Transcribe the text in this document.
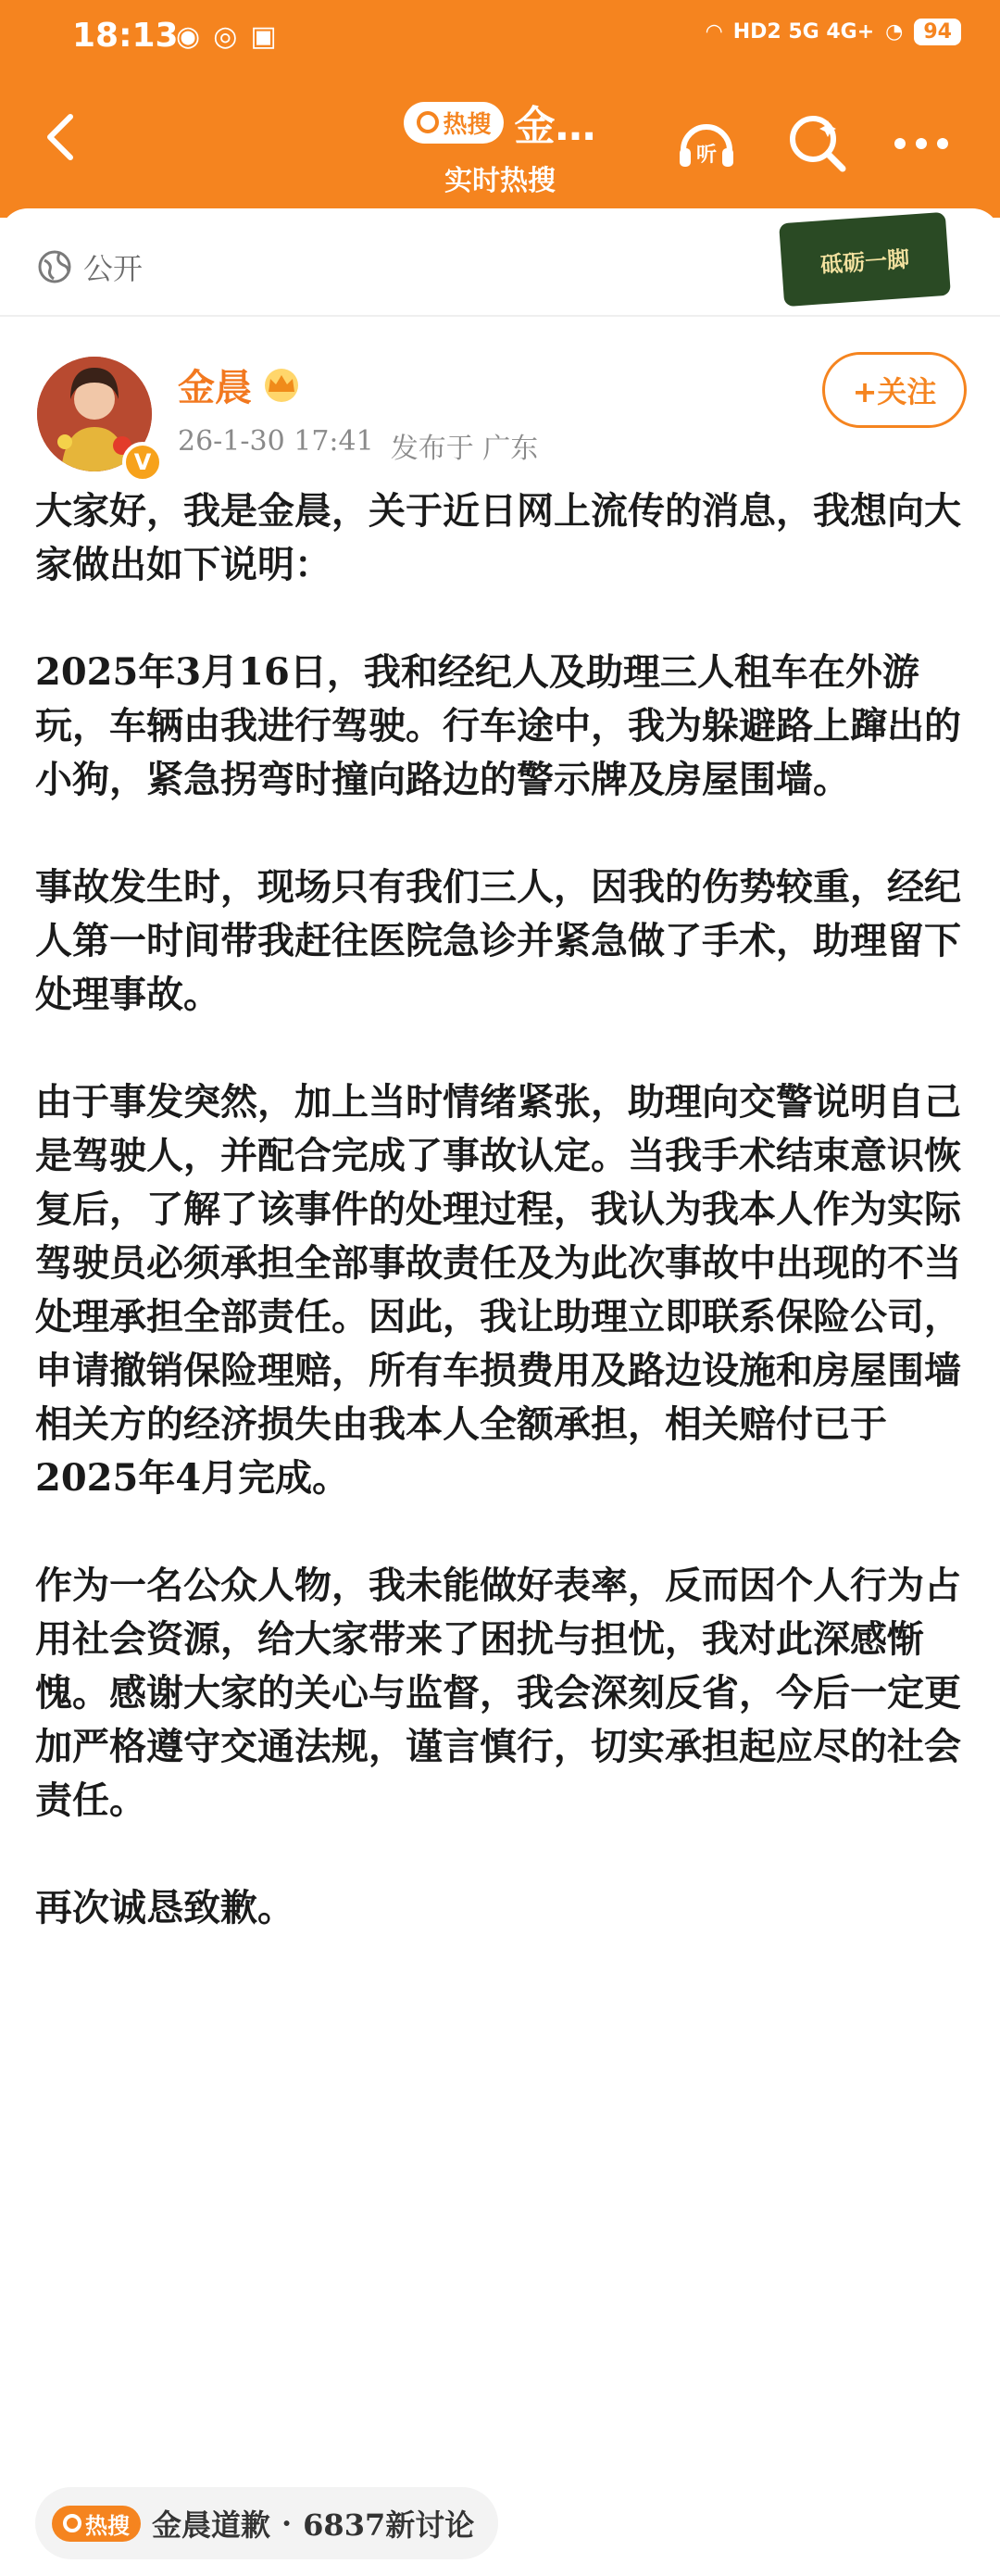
18:13
◉ ◎ ▣	◠ HD2 5G 4G+ ◔	94
热搜 金…
实时热搜
听
公开	砥砺一脚
V
金晨
26-1-30 17:41 发布于 广东
+关注

大家好，我是金晨，关于近日网上流传的消息，我想向大家做出如下说明：

2025年3月16日，我和经纪人及助理三人租车在外游玩，车辆由我进行驾驶。行车途中，我为躲避路上蹿出的小狗，紧急拐弯时撞向路边的警示牌及房屋围墙。

事故发生时，现场只有我们三人，因我的伤势较重，经纪人第一时间带我赶往医院急诊并紧急做了手术，助理留下处理事故。

由于事发突然，加上当时情绪紧张，助理向交警说明自己是驾驶人，并配合完成了事故认定。当我手术结束意识恢复后，了解了该事件的处理过程，我认为我本人作为实际驾驶员必须承担全部事故责任及为此次事故中出现的不当处理承担全部责任。因此，我让助理立即联系保险公司，申请撤销保险理赔，所有车损费用及路边设施和房屋围墙相关方的经济损失由我本人全额承担，相关赔付已于2025年4月完成。

作为一名公众人物，我未能做好表率，反而因个人行为占用社会资源，给大家带来了困扰与担忧，我对此深感惭愧。感谢大家的关心与监督，我会深刻反省，今后一定更加严格遵守交通法规，谨言慎行，切实承担起应尽的社会责任。

再次诚恳致歉。

热搜 金晨道歉 · 6837新讨论
